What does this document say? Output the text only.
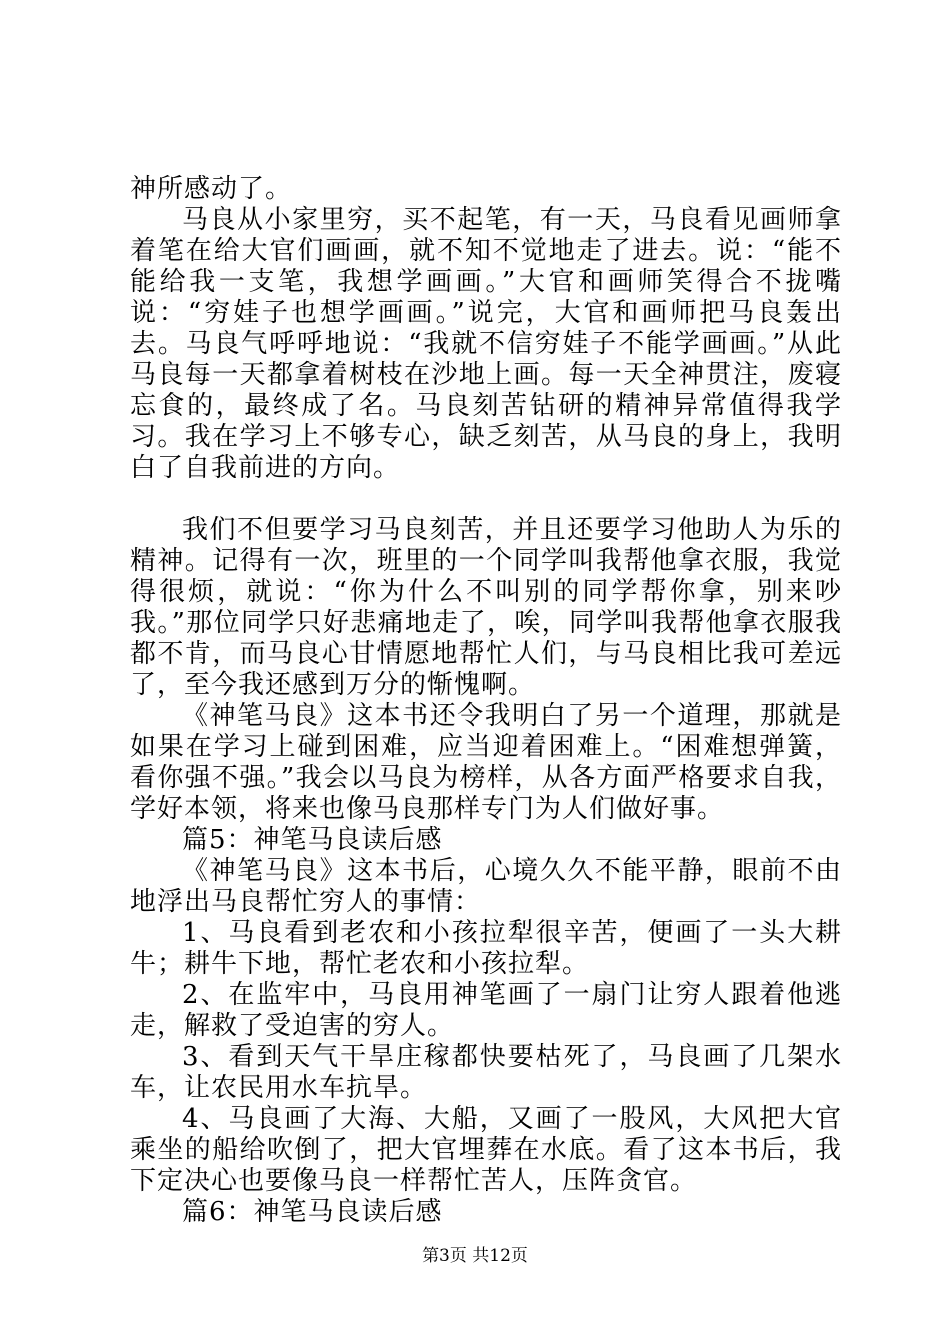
神所感动了。

马良从小家里穷，买不起笔，有一天，马良看见画师拿着笔在给大官们画画，就不知不觉地走了进去。说：“能不能给我一支笔，我想学画画。”大官和画师笑得合不拢嘴说：“穷娃子也想学画画。”说完，大官和画师把马良轰出去。马良气呼呼地说：“我就不信穷娃子不能学画画。”从此马良每一天都拿着树枝在沙地上画。每一天全神贯注，废寝忘食的，最终成了名。马良刻苦钻研的精神异常值得我学习。我在学习上不够专心，缺乏刻苦，从马良的身上，我明白了自我前进的方向。

我们不但要学习马良刻苦，并且还要学习他助人为乐的精神。记得有一次，班里的一个同学叫我帮他拿衣服，我觉得很烦，就说：“你为什么不叫别的同学帮你拿，别来吵我。”那位同学只好悲痛地走了，唉，同学叫我帮他拿衣服我都不肯，而马良心甘情愿地帮忙人们，与马良相比我可差远了，至今我还感到万分的惭愧啊。

《神笔马良》这本书还令我明白了另一个道理，那就是如果在学习上碰到困难，应当迎着困难上。“困难想弹簧，看你强不强。”我会以马良为榜样，从各方面严格要求自我，学好本领，将来也像马良那样专门为人们做好事。

篇5：神笔马良读后感

《神笔马良》这本书后，心境久久不能平静，眼前不由地浮出马良帮忙穷人的事情：

1、马良看到老农和小孩拉犁很辛苦，便画了一头大耕牛；耕牛下地，帮忙老农和小孩拉犁。

2、在监牢中，马良用神笔画了一扇门让穷人跟着他逃走，解救了受迫害的穷人。

3、看到天气干旱庄稼都快要枯死了，马良画了几架水车，让农民用水车抗旱。

4、马良画了大海、大船，又画了一股风，大风把大官乘坐的船给吹倒了，把大官埋葬在水底。看了这本书后，我下定决心也要像马良一样帮忙苦人，压阵贪官。

篇6：神笔马良读后感

第3页 共12页
